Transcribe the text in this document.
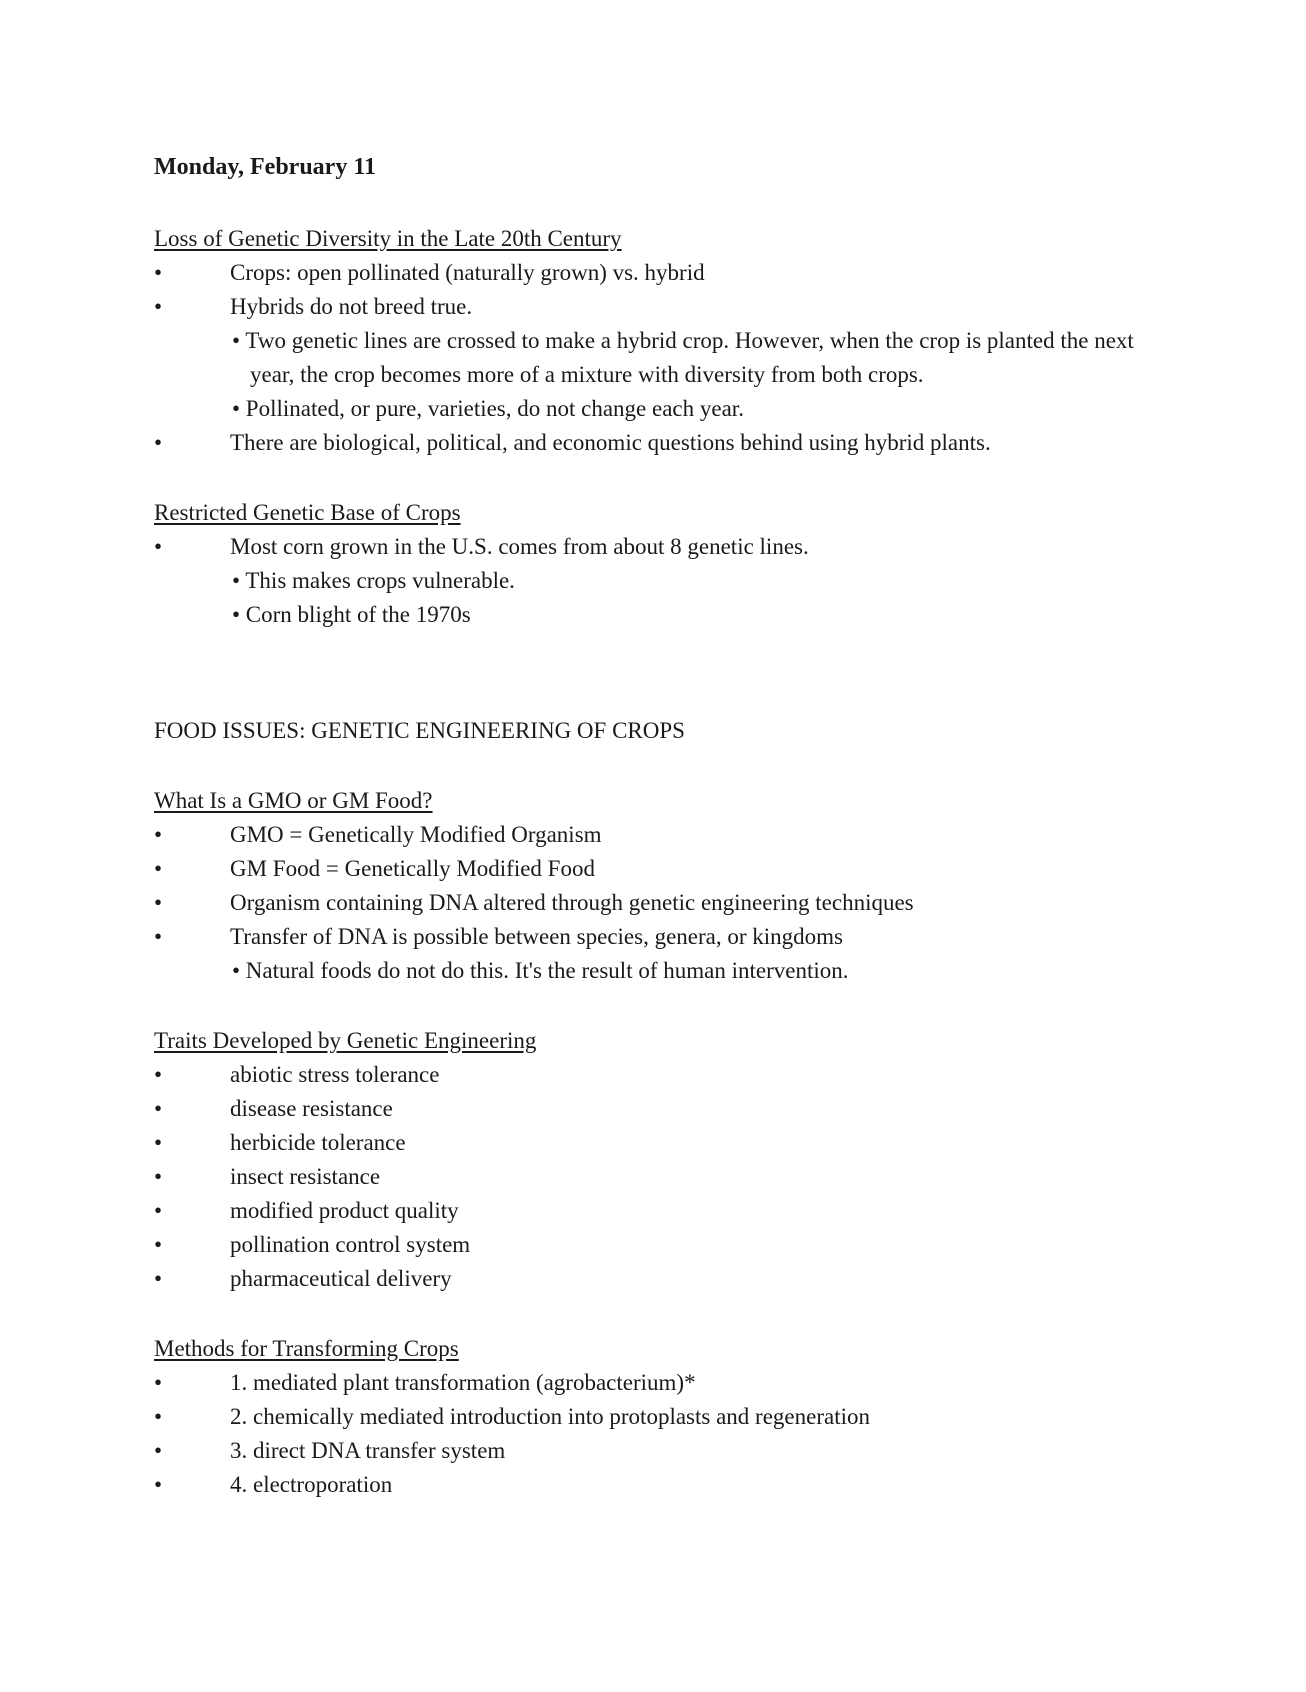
Monday, February 11
Loss of Genetic Diversity in the Late 20th Century
•	Crops: open pollinated (naturally grown) vs. hybrid
•	Hybrids do not breed true.
• Two genetic lines are crossed to make a hybrid crop. However, when the crop is planted the next year, the crop becomes more of a mixture with diversity from both crops.
• Pollinated, or pure, varieties, do not change each year.
•	There are biological, political, and economic questions behind using hybrid plants.
Restricted Genetic Base of Crops
•	Most corn grown in the U.S. comes from about 8 genetic lines.
• This makes crops vulnerable.
• Corn blight of the 1970s
FOOD ISSUES: GENETIC ENGINEERING OF CROPS
What Is a GMO or GM Food?
•	GMO = Genetically Modified Organism
•	GM Food = Genetically Modified Food
•	Organism containing DNA altered through genetic engineering techniques
•	Transfer of DNA is possible between species, genera, or kingdoms
• Natural foods do not do this. It's the result of human intervention.
Traits Developed by Genetic Engineering
•	abiotic stress tolerance
•	disease resistance
•	herbicide tolerance
•	insect resistance
•	modified product quality
•	pollination control system
•	pharmaceutical delivery
Methods for Transforming Crops
•	1. mediated plant transformation (agrobacterium)*
•	2. chemically mediated introduction into protoplasts and regeneration
•	3. direct DNA transfer system
•	4. electroporation
